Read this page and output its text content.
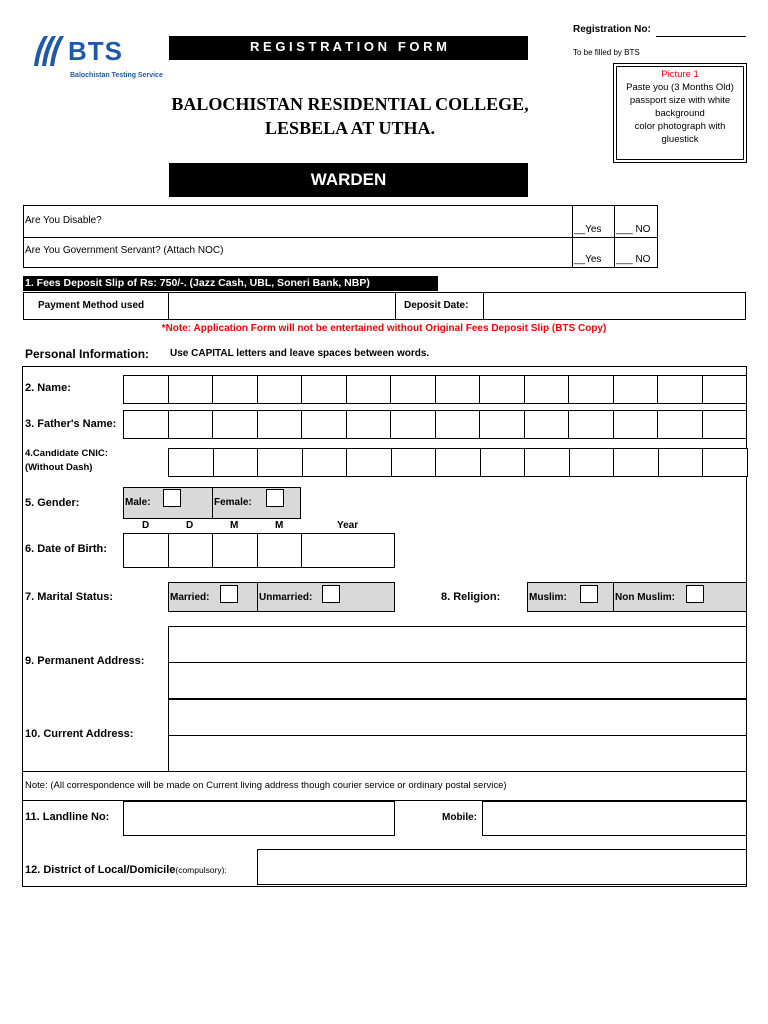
BTS
Balochistan Testing Service
R E G I S T R A T I O N   F O R M
Registration No:
To be filled by BTS
Picture 1
Paste you (3 Months Old)
passport size with white
background
color photograph with
gluestick
BALOCHISTAN RESIDENTIAL COLLEGE,
LESBELA AT UTHA.
WARDEN
Are You Disable?
__Yes ___ NO
Are You Government Servant? (Attach NOC)
__Yes ___ NO
1. Fees Deposit Slip of Rs: 750/-. (Jazz Cash, UBL, Soneri Bank, NBP)
Payment Method used	Deposit Date:
*Note: Application Form will not be entertained without Original Fees Deposit Slip (BTS Copy)
Personal Information: Use CAPITAL letters and leave spaces between words.
2. Name:
3. Father's Name:
4.Candidate CNIC:
(Without Dash)
5. Gender:	Male:	Female:
D	D	M	M	Year
6. Date of Birth:
7. Marital Status:	Married:	Unmarried:	8. Religion:	Muslim:	Non Muslim:
9. Permanent Address:
10. Current Address:
Note: (All correspondence will be made on Current living address though courier service or ordinary postal service)
11. Landline No:	Mobile:
12. District of Local/Domicile(compulsory):
